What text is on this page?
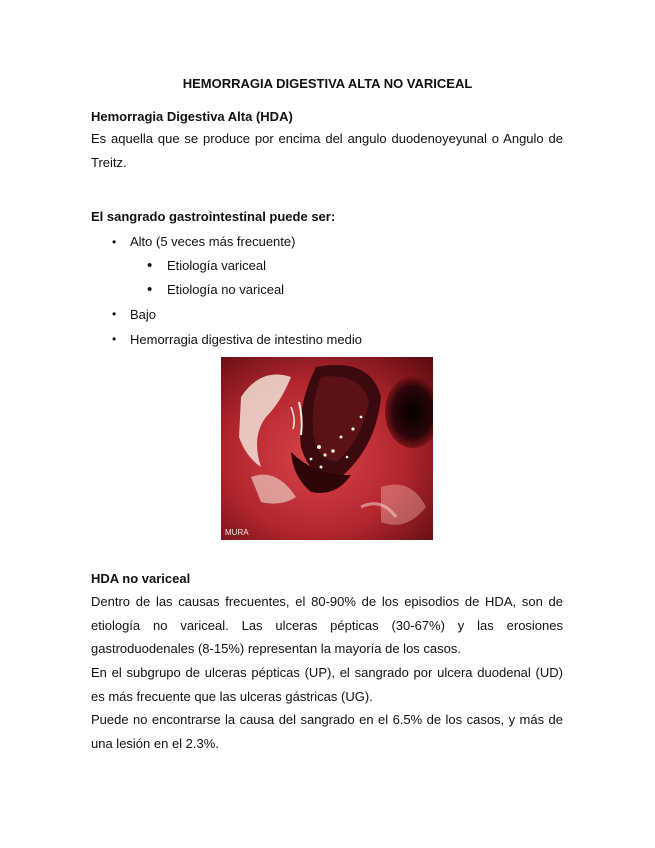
HEMORRAGIA DIGESTIVA ALTA NO VARICEAL
Hemorragia Digestiva Alta (HDA)
Es aquella que se produce por encima del angulo duodenoyeyunal o Angulo de
Treitz.
El sangrado gastrointestinal puede ser:
• Alto (5 veces más frecuente)
• Etiología variceal
• Etiología no variceal
• Bajo
• Hemorragia digestiva de intestino medio
MURA
HDA no variceal
Dentro de las causas frecuentes, el 80-90% de los episodios de HDA, son de etiología no variceal. Las ulceras pépticas (30-67%) y las erosiones gastroduodenales (8-15%) representan la mayoría de los casos.
En el subgrupo de ulceras pépticas (UP), el sangrado por ulcera duodenal (UD) es más frecuente que las ulceras gástricas (UG).
Puede no encontrarse la causa del sangrado en el 6.5% de los casos, y más de una lesión en el 2.3%.
